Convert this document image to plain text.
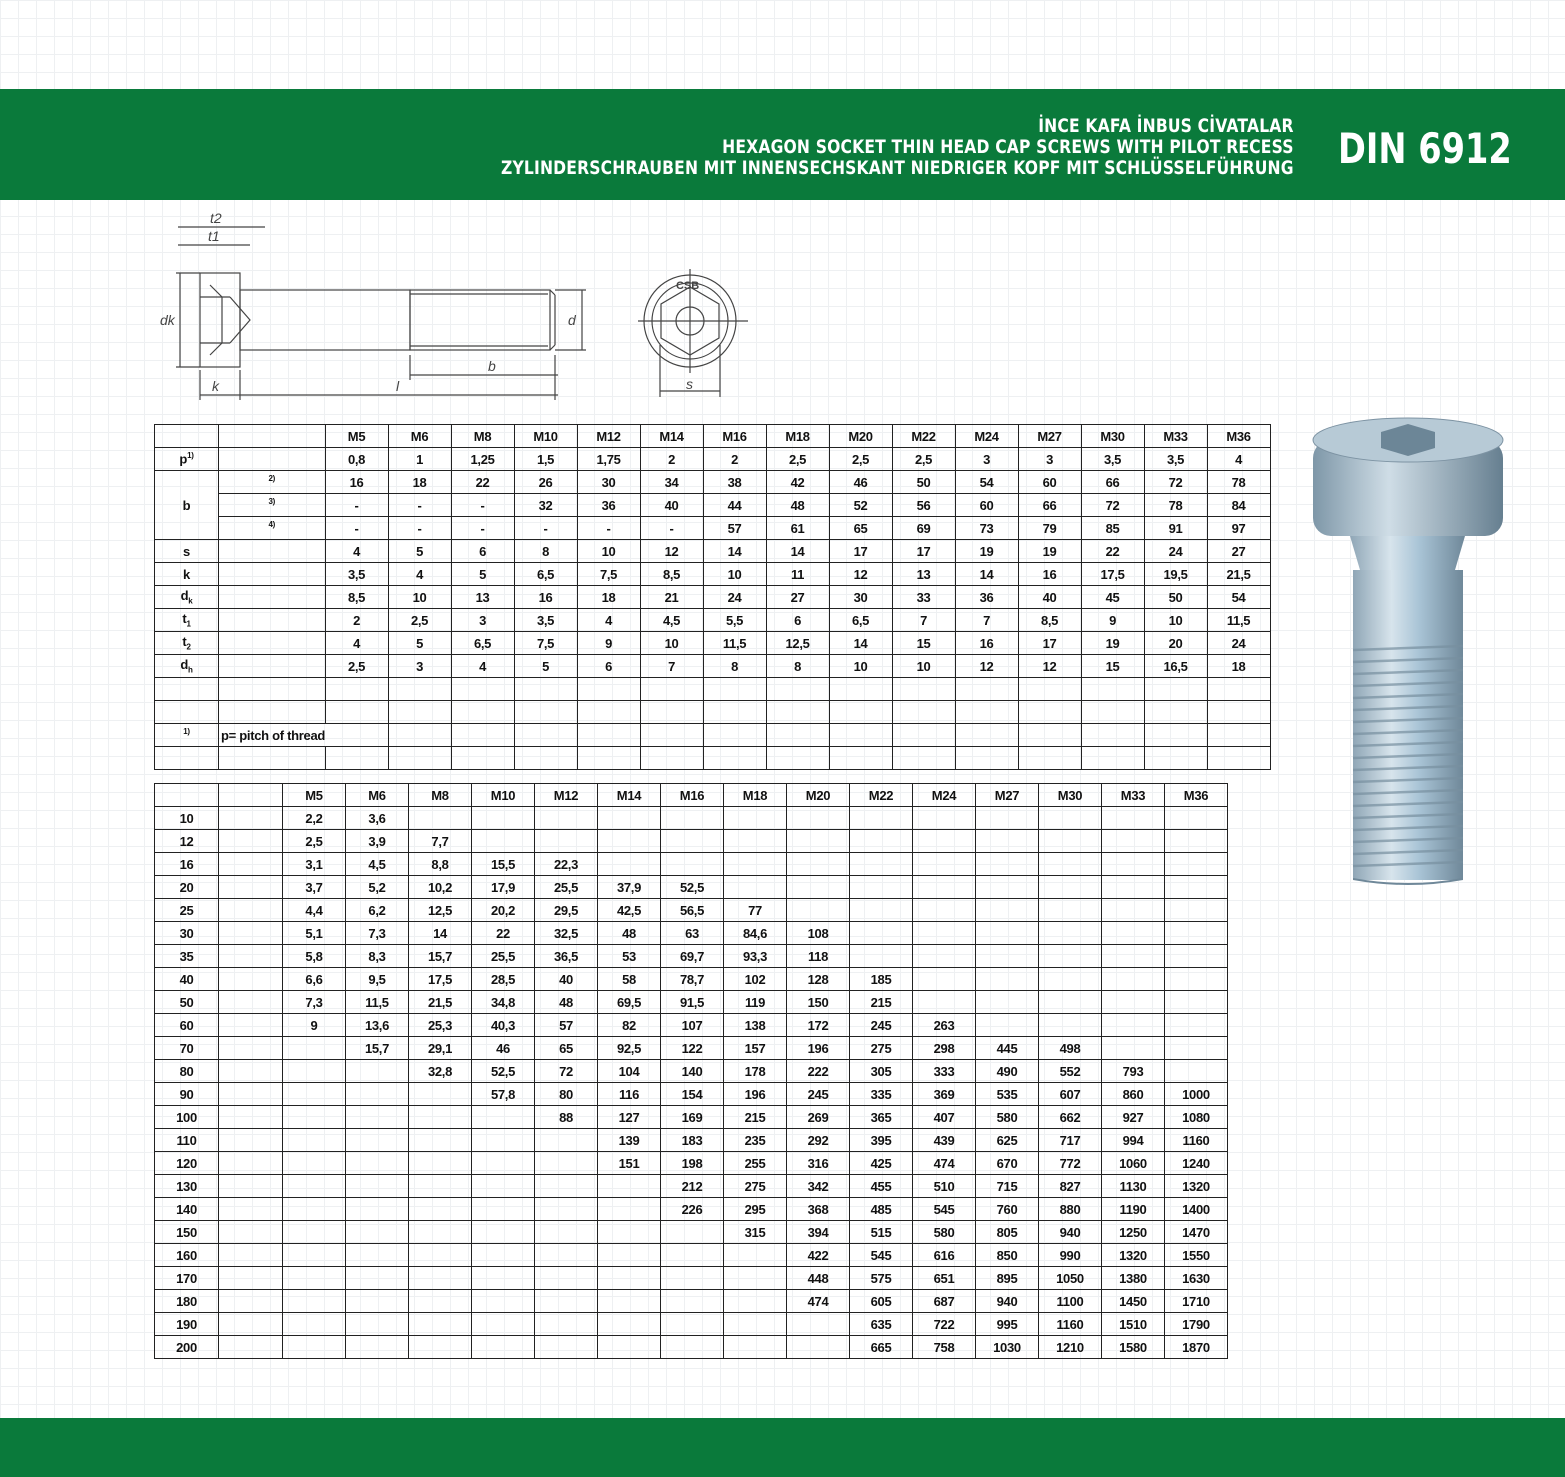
İNCE KAFA İNBUS CİVATALAR
HEXAGON SOCKET THIN HEAD CAP SCREWS WITH PILOT RECESS
ZYLINDERSCHRAUBEN MIT INNENSECHSKANT NIEDRIGER KOPF MIT SCHLÜSSELFÜHRUNG DIN 6912
t2
t1
dk	d
k	l
b
s
CSB
		M5	M6	M8	M10	M12	M14	M16	M18	M20	M22	M24	M27	M30	M33	M36
$p^{1)}$		0,8	1	1,25	1,5	1,75	2	2	2,5	2,5	2,5	3	3	3,5	3,5	4
b	$^{2)}$	16	18	22	26	30	34	38	42	46	50	54	60	66	72	78
	$^{3)}$	-	-	-	32	36	40	44	48	52	56	60	66	72	78	84
	$^{4)}$	-	-	-	-	-	-	57	61	65	69	73	79	85	91	97
s		4	5	6	8	10	12	14	14	17	17	19	19	22	24	27
k		3,5	4	5	6,5	7,5	8,5	10	11	12	13	14	16	17,5	19,5	21,5
$d_k$		8,5	10	13	16	18	21	24	27	30	33	36	40	45	50	54
$t_1$		2	2,5	3	3,5	4	4,5	5,5	6	6,5	7	7	8,5	9	10	11,5
$t_2$		4	5	6,5	7,5	9	10	11,5	12,5	14	15	16	17	19	20	24
$d_h$		2,5	3	4	5	6	7	8	8	10	10	12	12	15	16,5	18

$^{1)}$	p= pitch of thread															

		M5	M6	M8	M10	M12	M14	M16	M18	M20	M22	M24	M27	M30	M33	M36
10		2,2	3,6													
12		2,5	3,9	7,7												
16		3,1	4,5	8,8	15,5	22,3										
20		3,7	5,2	10,2	17,9	25,5	37,9	52,5								
25		4,4	6,2	12,5	20,2	29,5	42,5	56,5	77							
30		5,1	7,3	14	22	32,5	48	63	84,6	108						
35		5,8	8,3	15,7	25,5	36,5	53	69,7	93,3	118						
40		6,6	9,5	17,5	28,5	40	58	78,7	102	128	185					
50		7,3	11,5	21,5	34,8	48	69,5	91,5	119	150	215					
60		9	13,6	25,3	40,3	57	82	107	138	172	245	263				
70			15,7	29,1	46	65	92,5	122	157	196	275	298	445	498		
80				32,8	52,5	72	104	140	178	222	305	333	490	552	793	
90					57,8	80	116	154	196	245	335	369	535	607	860	1000
100						88	127	169	215	269	365	407	580	662	927	1080
110							139	183	235	292	395	439	625	717	994	1160
120							151	198	255	316	425	474	670	772	1060	1240
130								212	275	342	455	510	715	827	1130	1320
140								226	295	368	485	545	760	880	1190	1400
150									315	394	515	580	805	940	1250	1470
160										422	545	616	850	990	1320	1550
170										448	575	651	895	1050	1380	1630
180										474	605	687	940	1100	1450	1710
190											635	722	995	1160	1510	1790
200											665	758	1030	1210	1580	1870
